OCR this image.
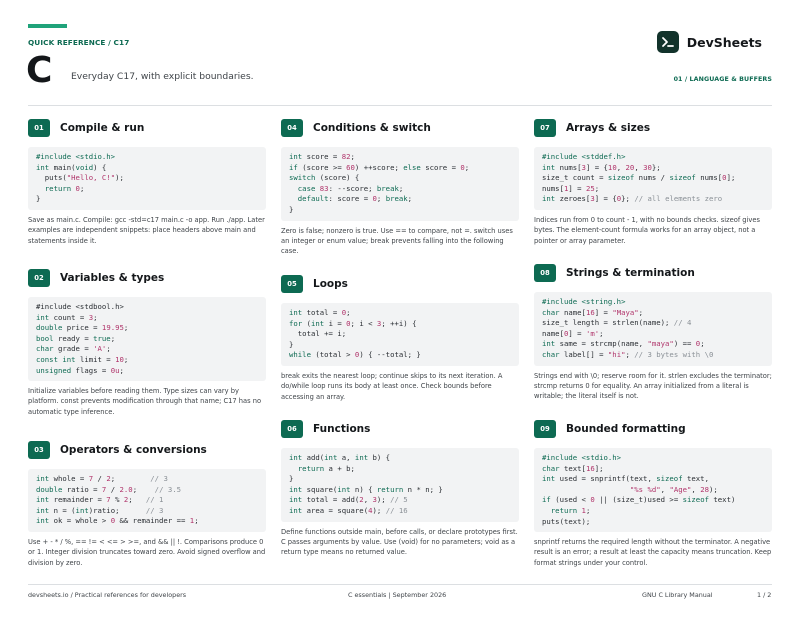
QUICK REFERENCE / C17
C Everyday C17, with explicit boundaries.
DevSheets
01 / LANGUAGE & BUFFERS
01	Compile & run
#include <stdio.h>
int main(void) {
puts("Hello, C!");
return 0;
}
Save as main.c. Compile: gcc -std=c17 main.c -o app. Run ./app. Later examples are independent snippets: place headers above main and statements inside it.
02	Variables & types
#include <stdbool.h>
int count = 3;
double price = 19.95;
bool ready = true;
char grade = 'A';
const int limit = 10;
unsigned flags = 0u;
Initialize variables before reading them. Type sizes can vary by platform. const prevents modification through that name; C17 has no automatic type inference.
03	Operators & conversions
int whole = 7 / 2;        // 3
double ratio = 7 / 2.0;    // 3.5
int remainder = 7 % 2;   // 1
int n = (int)ratio;      // 3
int ok = whole > 0 && remainder == 1;
Use + - * / %, == != < <= > >=, and && || !. Comparisons produce 0 or 1. Integer division truncates toward zero. Avoid signed overflow and division by zero.
04	Conditions & switch
int score = 82;
if (score >= 60) ++score; else score = 0;
switch (score) {
case 83: --score; break;
default: score = 0; break;
}
Zero is false; nonzero is true. Use == to compare, not =. switch uses an integer or enum value; break prevents falling into the following case.
05	Loops
int total = 0;
for (int i = 0; i < 3; ++i) {
total += i;
}
while (total > 0) { --total; }
break exits the nearest loop; continue skips to its next iteration. A do/while loop runs its body at least once. Check bounds before accessing an array.
06	Functions
int add(int a, int b) {
return a + b;
}
int square(int n) { return n * n; }
int total = add(2, 3); // 5
int area = square(4); // 16
Define functions outside main, before calls, or declare prototypes first. C passes arguments by value. Use (void) for no parameters; void as a return type means no returned value.
07	Arrays & sizes
#include <stddef.h>
int nums[3] = {10, 20, 30};
size_t count = sizeof nums / sizeof nums[0];
nums[1] = 25;
int zeroes[3] = {0}; // all elements zero
Indices run from 0 to count - 1, with no bounds checks. sizeof gives bytes. The element-count formula works for an array object, not a pointer or array parameter.
08	Strings & termination
#include <string.h>
char name[16] = "Maya";
size_t length = strlen(name); // 4
name[0] = 'm';
int same = strcmp(name, "maya") == 0;
char label[] = "hi"; // 3 bytes with \0
Strings end with \0; reserve room for it. strlen excludes the terminator; strcmp returns 0 for equality. An array initialized from a literal is writable; the literal itself is not.
09	Bounded formatting
#include <stdio.h>
char text[16];
int used = snprintf(text, sizeof text,
"%s %d", "Age", 28);
if (used < 0 || (size_t)used >= sizeof text)
return 1;
puts(text);
snprintf returns the required length without the terminator. A negative result is an error; a result at least the capacity means truncation. Keep format strings under your control.
devsheets.io / Practical references for developers	C essentials | September 2026	GNU C Library Manual	1 / 2
